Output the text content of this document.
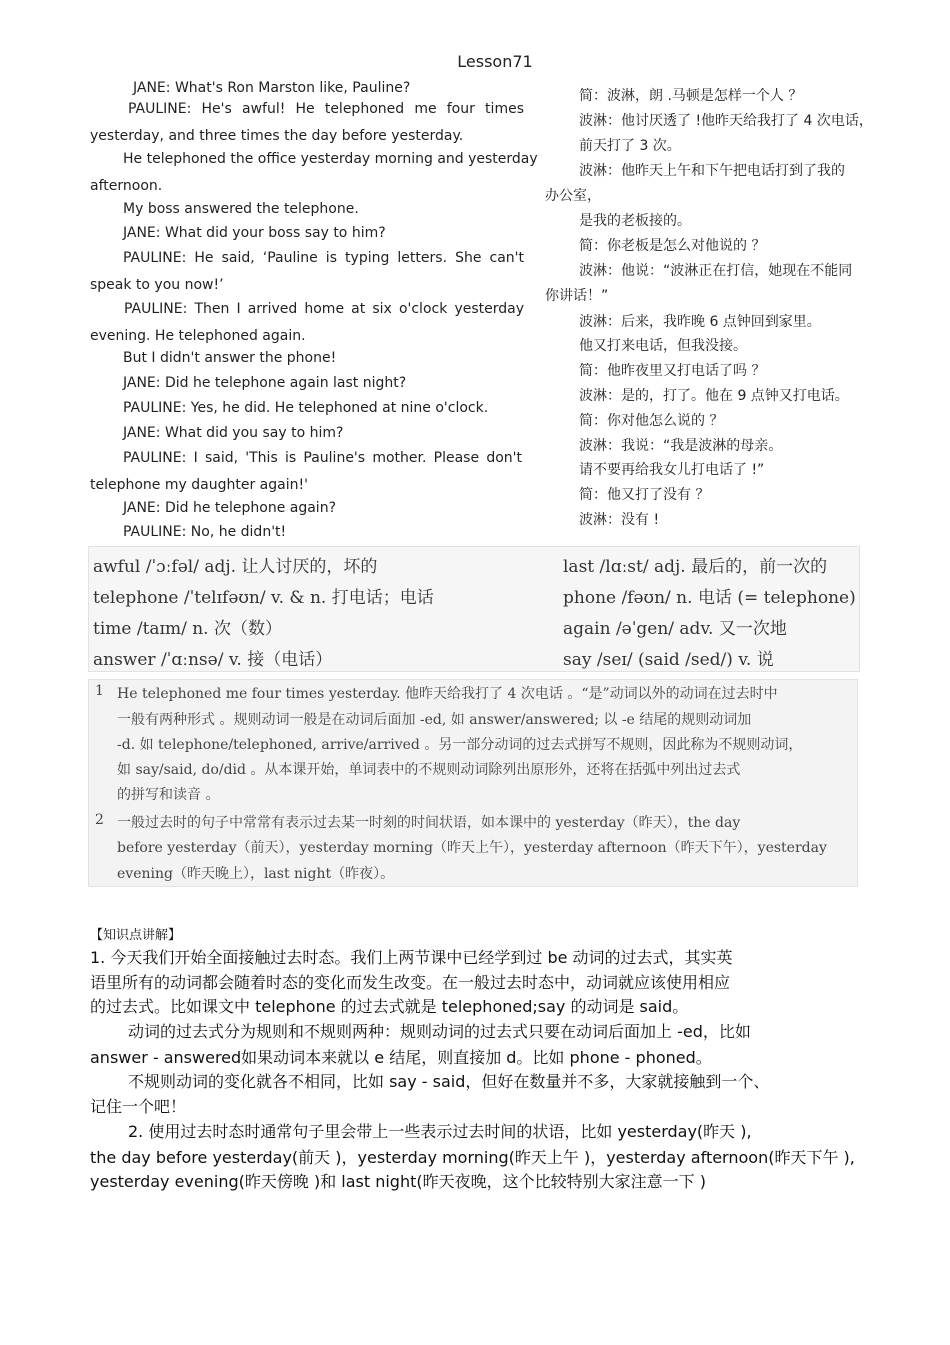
Lesson71
JANE: What's Ron Marston like, Pauline?
PAULINE: He's awful! He telephoned me four times
yesterday, and three times the day before yesterday.
He telephoned the office yesterday morning and yesterday
afternoon.
My boss answered the telephone.
JANE: What did your boss say to him?
PAULINE: He said, ‘Pauline is typing letters. She can't
speak to you now!’
PAULINE: Then I arrived home at six o'clock yesterday
evening. He telephoned again.
But I didn't answer the phone!
JANE: Did he telephone again last night?
PAULINE: Yes, he did. He telephoned at nine o'clock.
JANE: What did you say to him?
PAULINE: I said, 'This is Pauline's mother. Please don't
telephone my daughter again!'
JANE: Did he telephone again?
PAULINE: No, he didn't!
简：波淋，朗 .马顿是怎样一个人 ？
波淋：他讨厌透了 !他昨天给我打了 4 次电话，
前天打了 3 次。
波淋：他昨天上午和下午把电话打到了我的
办公室，
是我的老板接的。
简：你老板是怎么对他说的 ？
波淋：他说：“波淋正在打信，她现在不能同
你讲话！”
波淋：后来，我昨晚 6 点钟回到家里。
他又打来电话，但我没接。
简：他昨夜里又打电话了吗 ？
波淋：是的，打了。他在 9 点钟又打电话。
简：你对他怎么说的 ？
波淋：我说：“我是波淋的母亲。
请不要再给我女儿打电话了 !”
简：他又打了没有 ？
波淋：没有 !
awful /ˈɔːfəl/ adj. 让人讨厌的，坏的
telephone /ˈtelɪfəʊn/ v. & n. 打电话；电话
time /taɪm/ n. 次（数）
answer /ˈɑːnsə/ v. 接（电话）
last /lɑːst/ adj. 最后的，前一次的
phone /fəʊn/ n. 电话 (= telephone)
again /əˈgen/ adv. 又一次地
say /seɪ/ (said /sed/) v. 说
1 He telephoned me four times yesterday. 他昨天给我打了 4 次电话 。“是”动词以外的动词在过去时中
一般有两种形式 。规则动词一般是在动词后面加 -ed, 如 answer/answered; 以 -e 结尾的规则动词加
-d. 如 telephone/telephoned, arrive/arrived 。另一部分动词的过去式拼写不规则，因此称为不规则动词，
如 say/said, do/did 。从本课开始，单词表中的不规则动词除列出原形外，还将在括弧中列出过去式
的拼写和读音 。
2 一般过去时的句子中常常有表示过去某一时刻的时间状语，如本课中的 yesterday（昨天），the day
before yesterday（前天），yesterday morning（昨天上午），yesterday afternoon（昨天下午），yesterday
evening（昨天晚上），last night（昨夜）。
【知识点讲解】
1. 今天我们开始全面接触过去时态。我们上两节课中已经学到过 be 动词的过去式，其实英
语里所有的动词都会随着时态的变化而发生改变。在一般过去时态中，动词就应该使用相应
的过去式。比如课文中 telephone 的过去式就是 telephoned;say 的动词是 said。
动词的过去式分为规则和不规则两种：规则动词的过去式只要在动词后面加上 -ed，比如
answer - answered如果动词本来就以 e 结尾，则直接加 d。比如 phone - phoned。
不规则动词的变化就各不相同，比如 say - said，但好在数量并不多，大家就接触到一个、
记住一个吧！
2. 使用过去时态时通常句子里会带上一些表示过去时间的状语，比如 yesterday(昨天 ),
the day before yesterday(前天 )，yesterday morning(昨天上午 )，yesterday afternoon(昨天下午 ),
yesterday evening(昨天傍晚 )和 last night(昨天夜晚，这个比较特别大家注意一下 )
